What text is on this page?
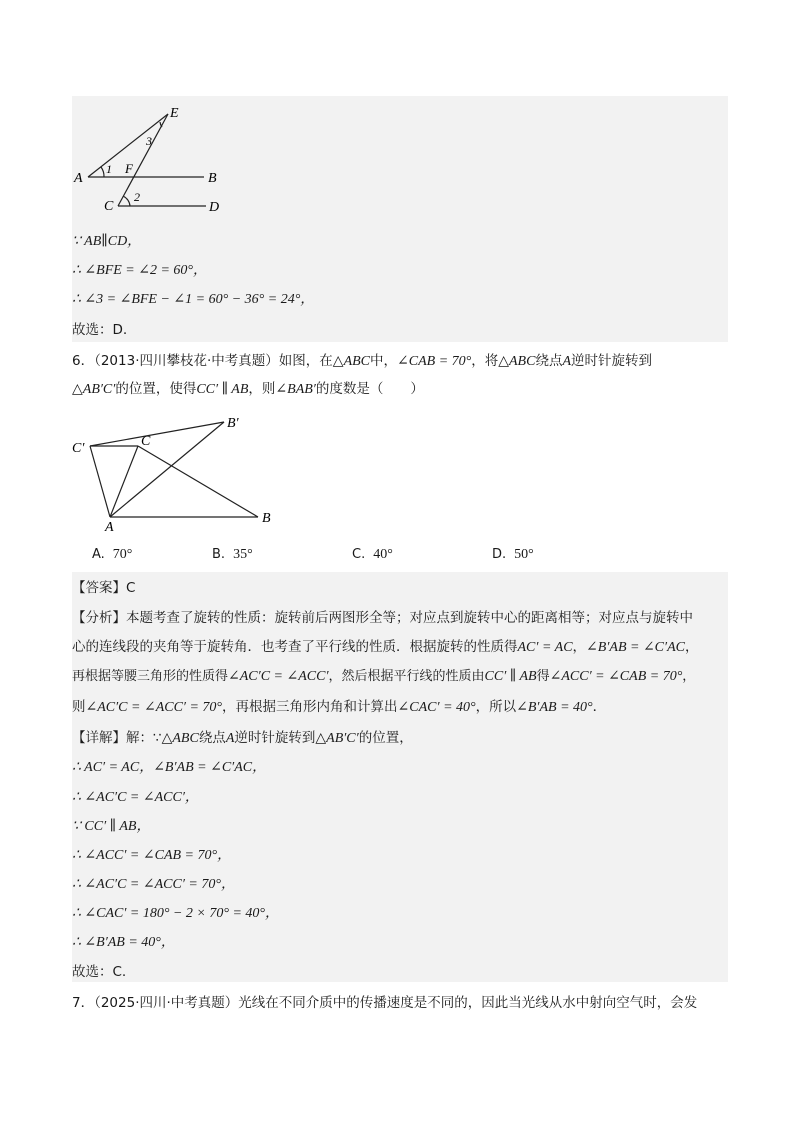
A	B
C	D
E
F
1
2
3
∵ AB∥CD，
∴ ∠BFE = ∠2 = 60°，
∴ ∠3 = ∠BFE − ∠1 = 60° − 36° = 24°，
故选：D.
6．（2013·四川攀枝花·中考真题）如图，在△ABC中，∠CAB = 70°，将△ABC绕点A逆时针旋转到
△AB′C′的位置，使得CC′ ∥ AB，则∠BAB′的度数是（　　）
C′	C
B′
A
B
A. 70°	B. 35°	C. 40°	D. 50°
【答案】C
【分析】本题考查了旋转的性质：旋转前后两图形全等；对应点到旋转中心的距离相等；对应点与旋转中
心的连线段的夹角等于旋转角．也考查了平行线的性质．根据旋转的性质得AC′ = AC，∠B′AB = ∠C′AC，
再根据等腰三角形的性质得∠AC′C = ∠ACC′，然后根据平行线的性质由CC′ ∥ AB得∠ACC′ = ∠CAB = 70°，
则∠AC′C = ∠ACC′ = 70°，再根据三角形内角和计算出∠CAC′ = 40°，所以∠B′AB = 40°．
【详解】解：∵△ABC绕点A逆时针旋转到△AB′C′的位置，
∴ AC′ = AC，∠B′AB = ∠C′AC，
∴ ∠AC′C = ∠ACC′，
∵ CC′ ∥ AB，
∴ ∠ACC′ = ∠CAB = 70°，
∴ ∠AC′C = ∠ACC′ = 70°，
∴ ∠CAC′ = 180° − 2 × 70° = 40°，
∴ ∠B′AB = 40°，
故选：C.
7．（2025·四川·中考真题）光线在不同介质中的传播速度是不同的，因此当光线从水中射向空气时，会发
